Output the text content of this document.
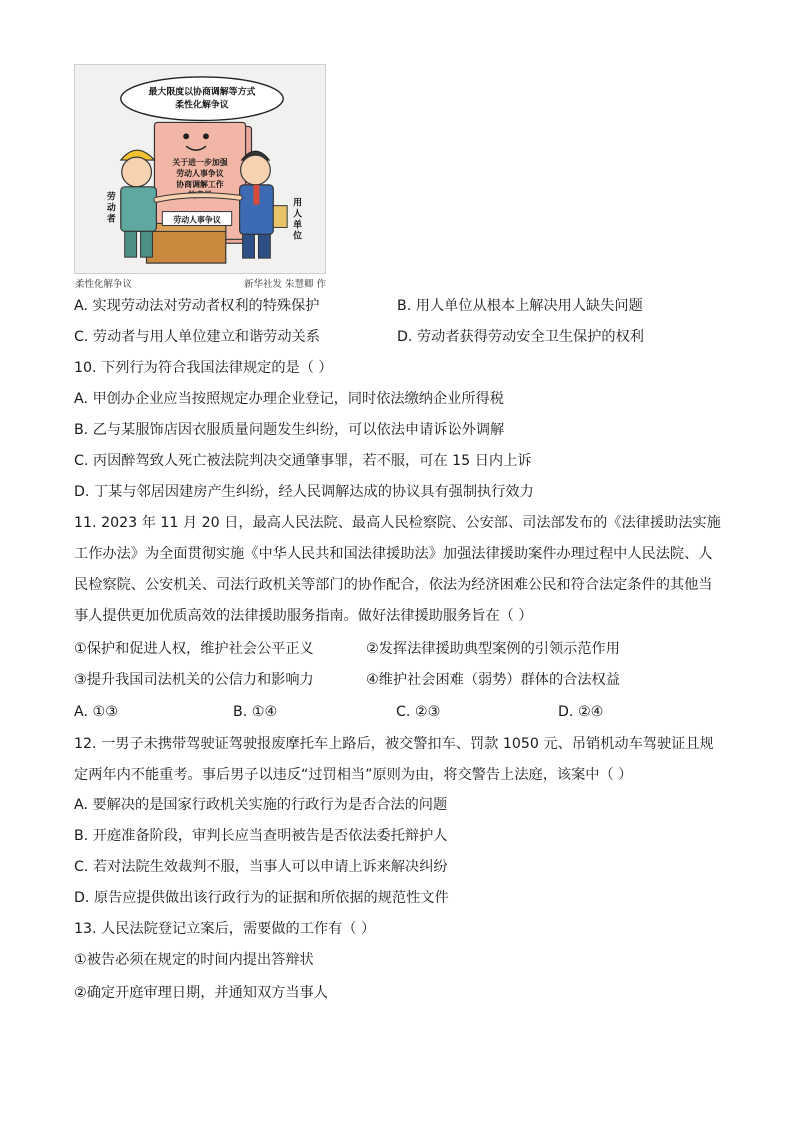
最大限度以协商调解等方式
柔性化解争议
关于进一步加强
劳动人事争议
协商调解工作
的意见
劳动人事争议
劳动者
用人单位
柔性化解争议	新华社发 朱慧卿 作
A. 实现劳动法对劳动者权利的特殊保护	B. 用人单位从根本上解决用人缺失问题
C. 劳动者与用人单位建立和谐劳动关系	D. 劳动者获得劳动安全卫生保护的权利
10. 下列行为符合我国法律规定的是（ ）
A. 甲创办企业应当按照规定办理企业登记，同时依法缴纳企业所得税
B. 乙与某服饰店因衣服质量问题发生纠纷，可以依法申请诉讼外调解
C. 丙因醉驾致人死亡被法院判决交通肇事罪，若不服，可在 15 日内上诉
D. 丁某与邻居因建房产生纠纷，经人民调解达成的协议具有强制执行效力
11. 2023 年 11 月 20 日，最高人民法院、最高人民检察院、公安部、司法部发布的《法律援助法实施工作办法》为全面贯彻实施《中华人民共和国法律援助法》加强法律援助案件办理过程中人民法院、人民检察院、公安机关、司法行政机关等部门的协作配合，依法为经济困难公民和符合法定条件的其他当事人提供更加优质高效的法律援助服务指南。做好法律援助服务旨在（ ）
①保护和促进人权，维护社会公平正义	②发挥法律援助典型案例的引领示范作用
③提升我国司法机关的公信力和影响力	④维护社会困难（弱势）群体的合法权益
A. ①③	B. ①④	C. ②③	D. ②④
12. 一男子未携带驾驶证驾驶报废摩托车上路后，被交警扣车、罚款 1050 元、吊销机动车驾驶证且规定两年内不能重考。事后男子以违反“过罚相当”原则为由，将交警告上法庭，该案中（ ）
A. 要解决的是国家行政机关实施的行政行为是否合法的问题
B. 开庭准备阶段，审判长应当查明被告是否依法委托辩护人
C. 若对法院生效裁判不服，当事人可以申请上诉来解决纠纷
D. 原告应提供做出该行政行为的证据和所依据的规范性文件
13. 人民法院登记立案后，需要做的工作有（ ）
①被告必须在规定的时间内提出答辩状
②确定开庭审理日期，并通知双方当事人
